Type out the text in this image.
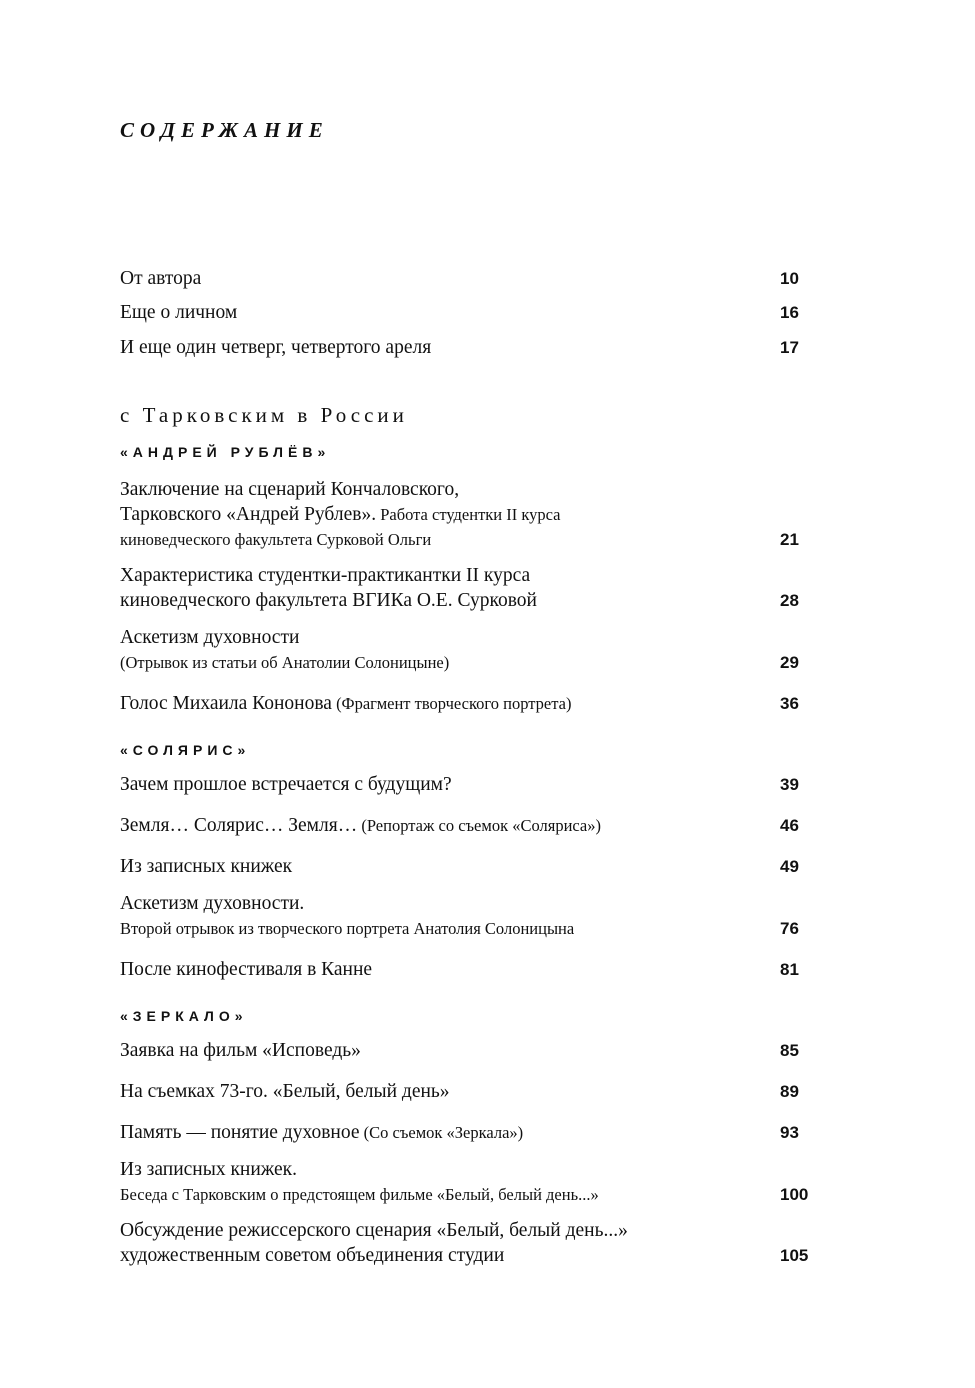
СОДЕРЖАНИЕ
От автора	10
Еще о личном	16
И еще один четверг, четвертого ареля	17
с Тарковским в России
«АНДРЕЙ РУБЛЁВ»
Заключение на сценарий Кончаловского,
Тарковского «Андрей Рублев». Работа студентки II курса
киноведческого факультета Сурковой Ольги	21
Характеристика студентки-практикантки II курса
киноведческого факультета ВГИКа О.Е. Сурковой	28
Аскетизм духовности
(Отрывок из статьи об Анатолии Солоницыне)	29
Голос Михаила Кононова (Фрагмент творческого портрета)	36
«СОЛЯРИС»
Зачем прошлое встречается с будущим?	39
Земля… Солярис… Земля… (Репортаж со съемок «Соляриса»)	46
Из записных книжек	49
Аскетизм духовности.
Второй отрывок из творческого портрета Анатолия Солоницына	76
После кинофестиваля в Канне	81
«ЗЕРКАЛО»
Заявка на фильм «Исповедь»	85
На съемках 73-го. «Белый, белый день»	89
Память — понятие духовное (Со съемок «Зеркала»)	93
Из записных книжек.
Беседа с Тарковским о предстоящем фильме «Белый, белый день...»	100
Обсуждение режиссерского сценария «Белый, белый день...»
художественным советом объединения студии	105
